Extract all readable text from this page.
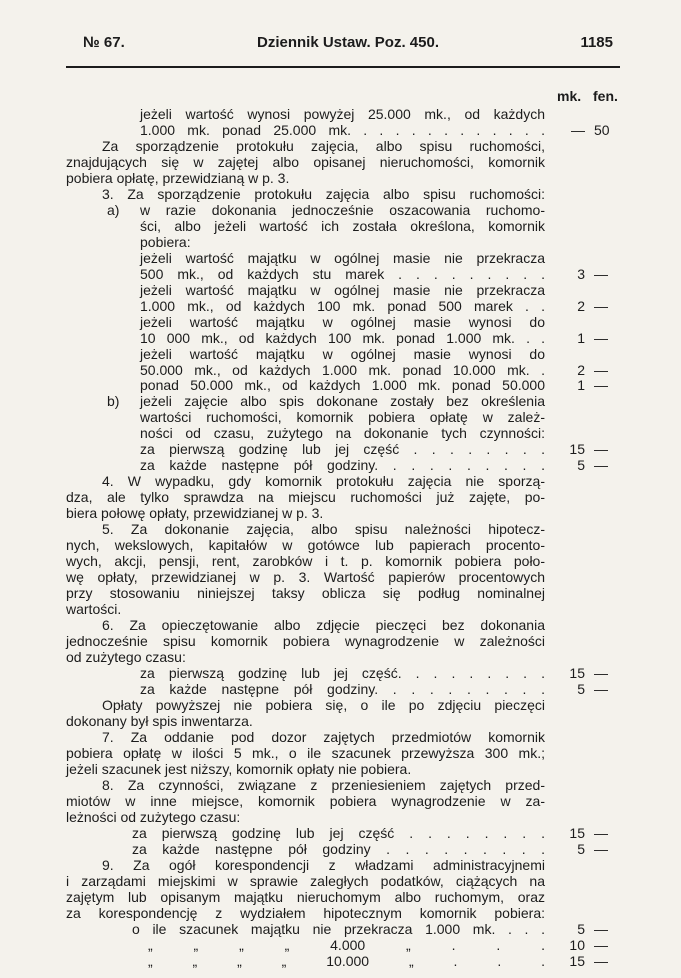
№ 67.	Dziennik Ustaw. Poz. 450.	1185
mk. fen.
jeżeli wartość wynosi powyżej 25.000 mk., od każdych
1.000 mk. ponad 25.000 mk. . . . . . . . . . . . .	— 50
Za sporządzenie protokułu zajęcia, albo spisu ruchomości,
znajdujących się w zajętej albo opisanej nieruchomości, komornik
pobiera opłatę, przewidzianą w p. 3.
3. Za sporządzenie protokułu zajęcia albo spisu ruchomości:
a)	w razie dokonania jednocześnie oszacowania ruchomo-
ści, albo jeżeli wartość ich została określona, komornik
pobiera:
jeżeli wartość majątku w ogólnej masie nie przekracza
500 mk., od każdych stu marek . . . . . . . . .	3 —
jeżeli wartość majątku w ogólnej masie nie przekracza
1.000 mk., od każdych 100 mk. ponad 500 marek . .	2 —
jeżeli wartość majątku w ogólnej masie wynosi do
10 000 mk., od każdych 100 mk. ponad 1.000 mk. . .	1 —
jeżeli wartość majątku w ogólnej masie wynosi do
50.000 mk., od każdych 1.000 mk. ponad 10.000 mk. .	2 —
ponad 50.000 mk., od każdych 1.000 mk. ponad 50.000	1 —
b)	jeżeli zajęcie albo spis dokonane zostały bez określenia
wartości ruchomości, komornik pobiera opłatę w zależ-
ności od czasu, zużytego na dokonanie tych czynności:
za pierwszą godzinę lub jej część . . . . . . . .	15 —
za każde następne pół godziny. . . . . . . . . .	5 —
4. W wypadku, gdy komornik protokułu zajęcia nie sporzą-
dza, ale tylko sprawdza na miejscu ruchomości już zajęte, po-
biera połowę opłaty, przewidzianej w p. 3.
5. Za dokonanie zajęcia, albo spisu należności hipotecz-
nych, wekslowych, kapitałów w gotówce lub papierach procento-
wych, akcji, pensji, rent, zarobków i t. p. komornik pobiera poło-
wę opłaty, przewidzianej w p. 3. Wartość papierów procentowych
przy stosowaniu niniejszej taksy oblicza się podług nominalnej
wartości.
6. Za opieczętowanie albo zdjęcie pieczęci bez dokonania
jednocześnie spisu komornik pobiera wynagrodzenie w zależności
od zużytego czasu:
za pierwszą godzinę lub jej część. . . . . . . . .	15 —
za każde następne pół godziny. . . . . . . . . .	5 —
Opłaty powyższej nie pobiera się, o ile po zdjęciu pieczęci
dokonany był spis inwentarza.
7. Za oddanie pod dozor zajętych przedmiotów komornik
pobiera opłatę w ilości 5 mk., o ile szacunek przewyższa 300 mk.;
jeżeli szacunek jest niższy, komornik opłaty nie pobiera.
8. Za czynności, związane z przeniesieniem zajętych przed-
miotów w inne miejsce, komornik pobiera wynagrodzenie w za-
leżności od zużytego czasu:
za pierwszą godzinę lub jej część . . . . . . . .	15 —
za każde następne pół godziny . . . . . . . . .	5 —
9. Za ogół korespondencji z władzami administracyjnemi
i zarządami miejskimi w sprawie zaległych podatków, ciążących na
zajętym lub opisanym majątku nieruchomym albo ruchomym, oraz
za korespondencję z wydziałem hipotecznym komornik pobiera:
o ile szacunek majątku nie przekracza 1.000 mk. . . .	5 —
„ „ „ „ 4.000 „ . . .	10 —
„ „ „ „ 10.000 „ . . .	15 —
